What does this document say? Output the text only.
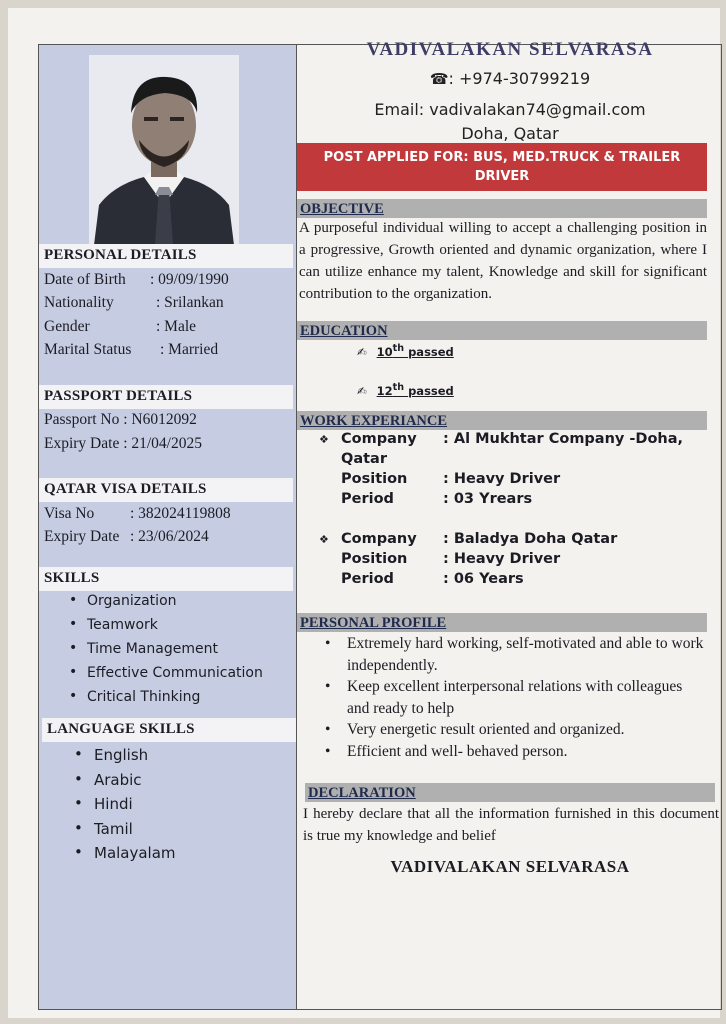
PERSONAL DETAILS
Date of Birth : 09/09/1990
Nationality	: Srilankan
Gender	: Male
Marital Status : Married
PASSPORT DETAILS
Passport No : N6012092
Expiry Date : 21/04/2025
QATAR VISA DETAILS
Visa No : 382024119808
Expiry Date : 23/06/2024
SKILLS
• Organization
• Teamwork
• Time Management
• Effective Communication
• Critical Thinking
LANGUAGE SKILLS
• English
• Arabic
• Hindi
• Tamil
• Malayalam
VADIVALAKAN SELVARASA
☎: +974-30799219
Email: vadivalakan74@gmail.com
Doha, Qatar
POST APPLIED FOR: BUS, MED.TRUCK & TRAILER DRIVER
OBJECTIVE
A purposeful individual willing to accept a challenging position in a progressive, Growth oriented and dynamic organization, where I can utilize enhance my talent, Knowledge and skill for significant contribution to the organization.
EDUCATION
✍ 10th passed
✍ 12th passed
WORK EXPERIANCE
❖ Company : Al Mukhtar Company -Doha,
Qatar
Position : Heavy Driver
Period	: 03 Yrears
❖ Company : Baladya Doha Qatar
Position : Heavy Driver
Period	: 06 Years
PERSONAL PROFILE
• Extremely hard working, self-motivated and able to work independently.
• Keep excellent interpersonal relations with colleagues and ready to help
• Very energetic result oriented and organized.
• Efficient and well- behaved person.
DECLARATION
I hereby declare that all the information furnished in this document is true my knowledge and belief
VADIVALAKAN SELVARASA
